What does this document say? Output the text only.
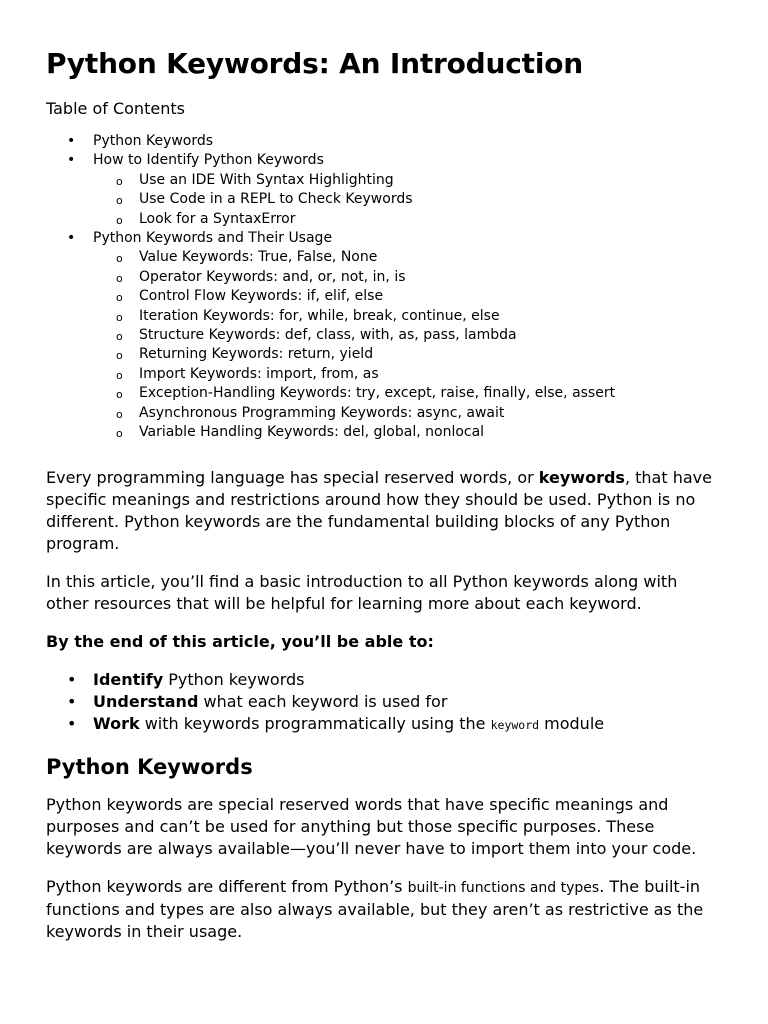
Python Keywords: An Introduction
Table of Contents
• Python Keywords
• How to Identify Python Keywords
o Use an IDE With Syntax Highlighting
o Use Code in a REPL to Check Keywords
o Look for a SyntaxError
• Python Keywords and Their Usage
o Value Keywords: True, False, None
o Operator Keywords: and, or, not, in, is
o Control Flow Keywords: if, elif, else
o Iteration Keywords: for, while, break, continue, else
o Structure Keywords: def, class, with, as, pass, lambda
o Returning Keywords: return, yield
o Import Keywords: import, from, as
o Exception-Handling Keywords: try, except, raise, finally, else, assert
o Asynchronous Programming Keywords: async, await
o Variable Handling Keywords: del, global, nonlocal

Every programming language has special reserved words, or keywords, that have specific meanings and restrictions around how they should be used. Python is no different. Python keywords are the fundamental building blocks of any Python program.

In this article, you’ll find a basic introduction to all Python keywords along with other resources that will be helpful for learning more about each keyword.

By the end of this article, you’ll be able to:

• Identify Python keywords
• Understand what each keyword is used for
• Work with keywords programmatically using the keyword module
Python Keywords

Python keywords are special reserved words that have specific meanings and purposes and can’t be used for anything but those specific purposes. These keywords are always available—you’ll never have to import them into your code.

Python keywords are different from Python’s built-in functions and types. The built-in functions and types are also always available, but they aren’t as restrictive as the keywords in their usage.
